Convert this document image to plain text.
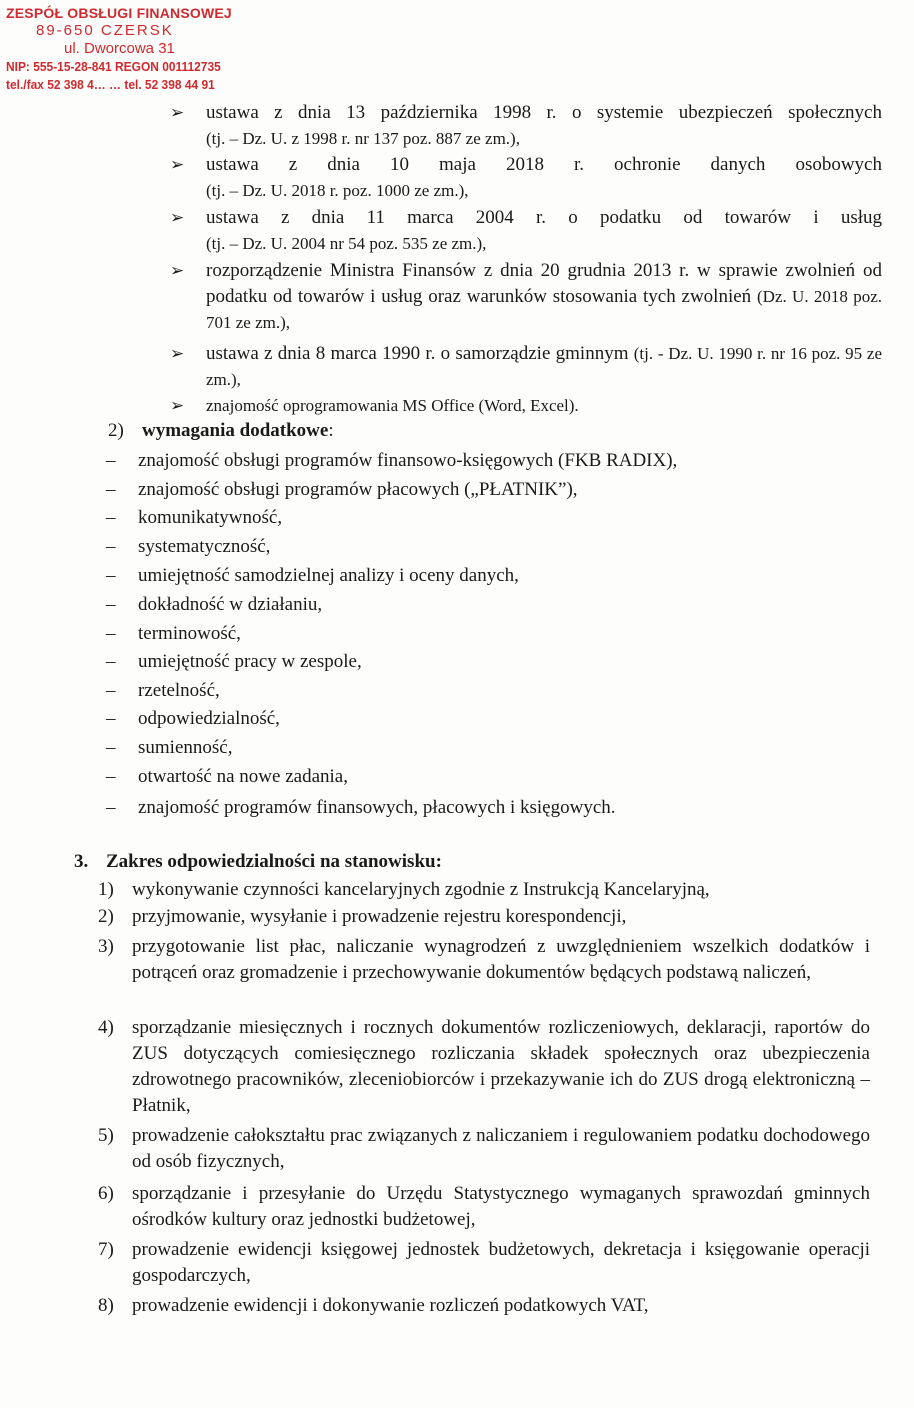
ZESPÓŁ OBSŁUGI FINANSOWEJ
89-650 CZERSK
ul. Dworcowa 31
NIP: 555-15-28-841 REGON 001112735
tel./fax 52 398 4… … tel. 52 398 44 91
➢	ustawa z dnia 13 października 1998 r. o systemie ubezpieczeń społecznych
(tj. – Dz. U. z 1998 r. nr 137 poz. 887 ze zm.),
➢	ustawa z dnia 10 maja 2018 r. ochronie danych osobowych
(tj. – Dz. U. 2018 r. poz. 1000 ze zm.),
➢	ustawa z dnia 11 marca 2004 r. o podatku od towarów i usług
(tj. – Dz. U. 2004 nr 54 poz. 535 ze zm.),
➢	rozporządzenie Ministra Finansów z dnia 20 grudnia 2013 r. w sprawie zwolnień od podatku od towarów i usług oraz warunków stosowania tych zwolnień (Dz. U. 2018 poz. 701 ze zm.),
➢	ustawa z dnia 8 marca 1990 r. o samorządzie gminnym (tj. - Dz. U. 1990 r. nr 16 poz. 95 ze zm.),
➢	znajomość oprogramowania MS Office (Word, Excel).
2) wymagania dodatkowe:
–	znajomość obsługi programów finansowo-księgowych (FKB RADIX),
–	znajomość obsługi programów płacowych („PŁATNIK”),
–	komunikatywność,
–	systematyczność,
–	umiejętność samodzielnej analizy i oceny danych,
–	dokładność w działaniu,
–	terminowość,
–	umiejętność pracy w zespole,
–	rzetelność,
–	odpowiedzialność,
–	sumienność,
–	otwartość na nowe zadania,
–	znajomość programów finansowych, płacowych i księgowych.
3. Zakres odpowiedzialności na stanowisku:
1) wykonywanie czynności kancelaryjnych zgodnie z Instrukcją Kancelaryjną,
2) przyjmowanie, wysyłanie i prowadzenie rejestru korespondencji,
3) przygotowanie list płac, naliczanie wynagrodzeń z uwzględnieniem wszelkich dodatków i potrąceń oraz gromadzenie i przechowywanie dokumentów będących podstawą naliczeń,
4) sporządzanie miesięcznych i rocznych dokumentów rozliczeniowych, deklaracji, raportów do ZUS dotyczących comiesięcznego rozliczania składek społecznych oraz ubezpieczenia zdrowotnego pracowników, zleceniobiorców i przekazywanie ich do ZUS drogą elektroniczną – Płatnik,
5) prowadzenie całokształtu prac związanych z naliczaniem i regulowaniem podatku dochodowego od osób fizycznych,
6) sporządzanie i przesyłanie do Urzędu Statystycznego wymaganych sprawozdań gminnych ośrodków kultury oraz jednostki budżetowej,
7) prowadzenie ewidencji księgowej jednostek budżetowych, dekretacja i księgowanie operacji gospodarczych,
8) prowadzenie ewidencji i dokonywanie rozliczeń podatkowych VAT,
